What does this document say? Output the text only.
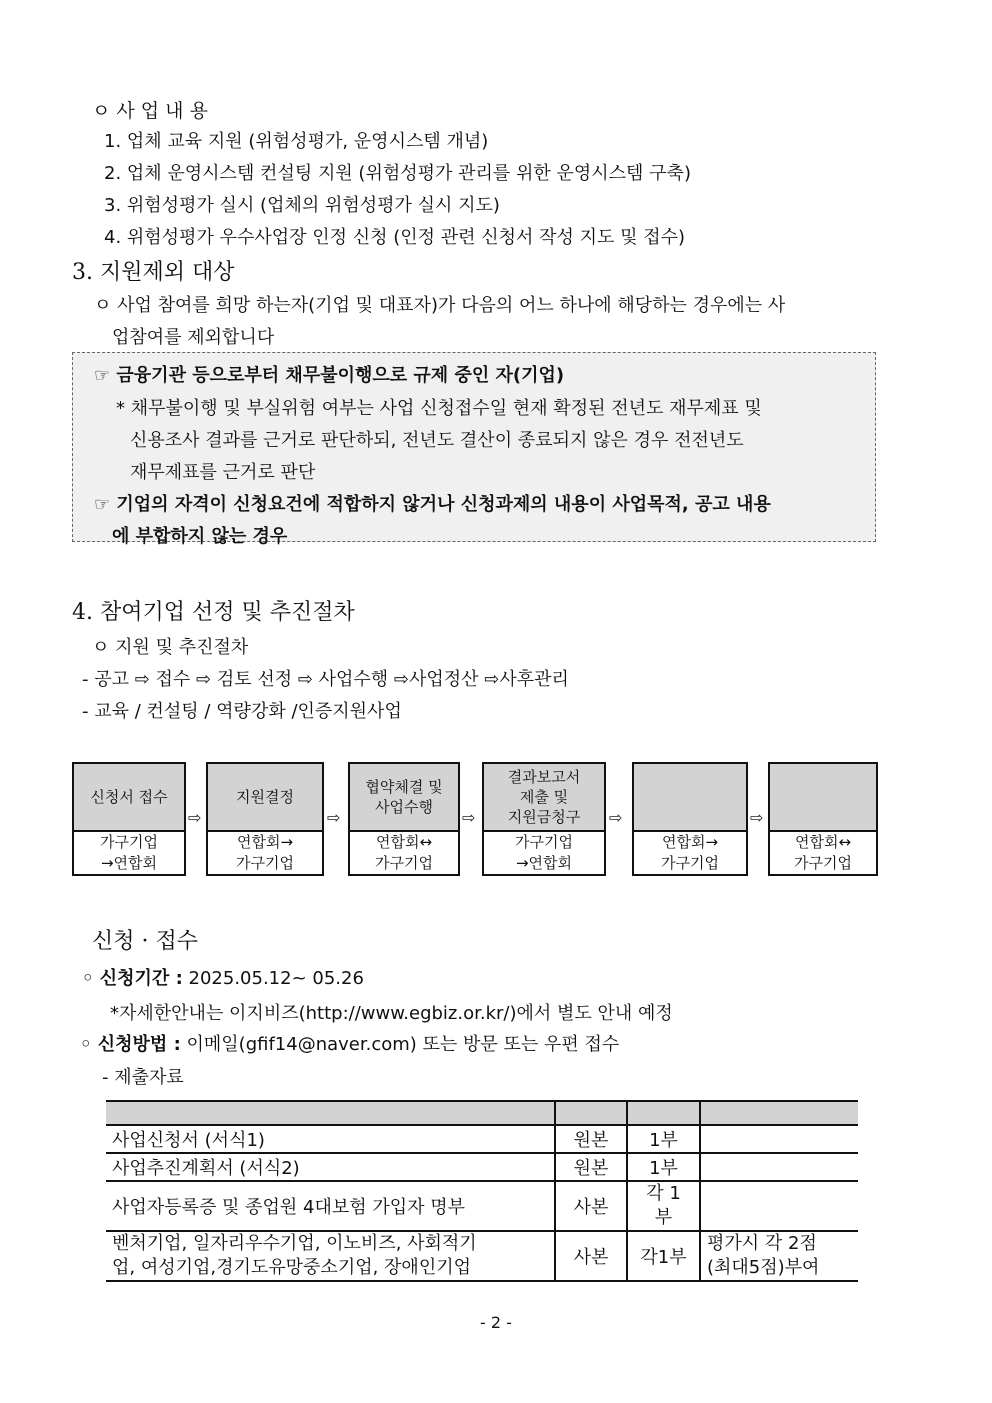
ㅇ 사 업 내 용
1. 업체 교육 지원 (위험성평가, 운영시스템 개념)
2. 업체 운영시스템 컨설팅 지원 (위험성평가 관리를 위한 운영시스템 구축)
3. 위험성평가 실시 (업체의 위험성평가 실시 지도)
4. 위험성평가 우수사업장 인정 신청 (인정 관련 신청서 작성 지도 및 접수)
3. 지원제외 대상
ㅇ 사업 참여를 희망 하는자(기업 및 대표자)가 다음의 어느 하나에 해당하는 경우에는 사
업참여를 제외합니다
☞ 금융기관 등으로부터 채무불이행으로 규제 중인 자(기업)
* 채무불이행 및 부실위험 여부는 사업 신청접수일 현재 확정된 전년도 재무제표 및
신용조사 결과를 근거로 판단하되, 전년도 결산이 종료되지 않은 경우 전전년도
재무제표를 근거로 판단
☞ 기업의 자격이 신청요건에 적합하지 않거나 신청과제의 내용이 사업목적, 공고 내용
에 부합하지 않는 경우
4. 참여기업 선정 및 추진절차
ㅇ 지원 및 추진절차
- 공고 ⇨ 접수 ⇨ 검토 선정 ⇨ 사업수행 ⇨사업정산 ⇨사후관리
- 교육 / 컨설팅 / 역량강화 /인증지원사업
신청서 접수
가구기업
→연합회
⇨
지원결정
연합회→
가구기업
⇨
협약체결 및
사업수행
연합회↔
가구기업
⇨
결과보고서
제출 및
지원금청구
가구기업
→연합회
⇨
연합회→
가구기업
⇨
연합회↔
가구기업
신청 · 접수
◦ 신청기간 : 2025.05.12~ 05.26
*자세한안내는 이지비즈(http://www.egbiz.or.kr/)에서 별도 안내 예정
◦ 신청방법 : 이메일(gfif14@naver.com) 또는 방문 또는 우편 접수
- 제출자료

사업신청서 (서식1)	원본	1부	
사업추진계획서 (서식2)	원본	1부	
사업자등록증 및 종업원 4대보험 가입자 명부	사본	각 1
부	
벤처기업, 일자리우수기업, 이노비즈, 사회적기
업, 여성기업,경기도유망중소기업, 장애인기업	사본	각1부	평가시 각 2점
(최대5점)부여
- 2 -
